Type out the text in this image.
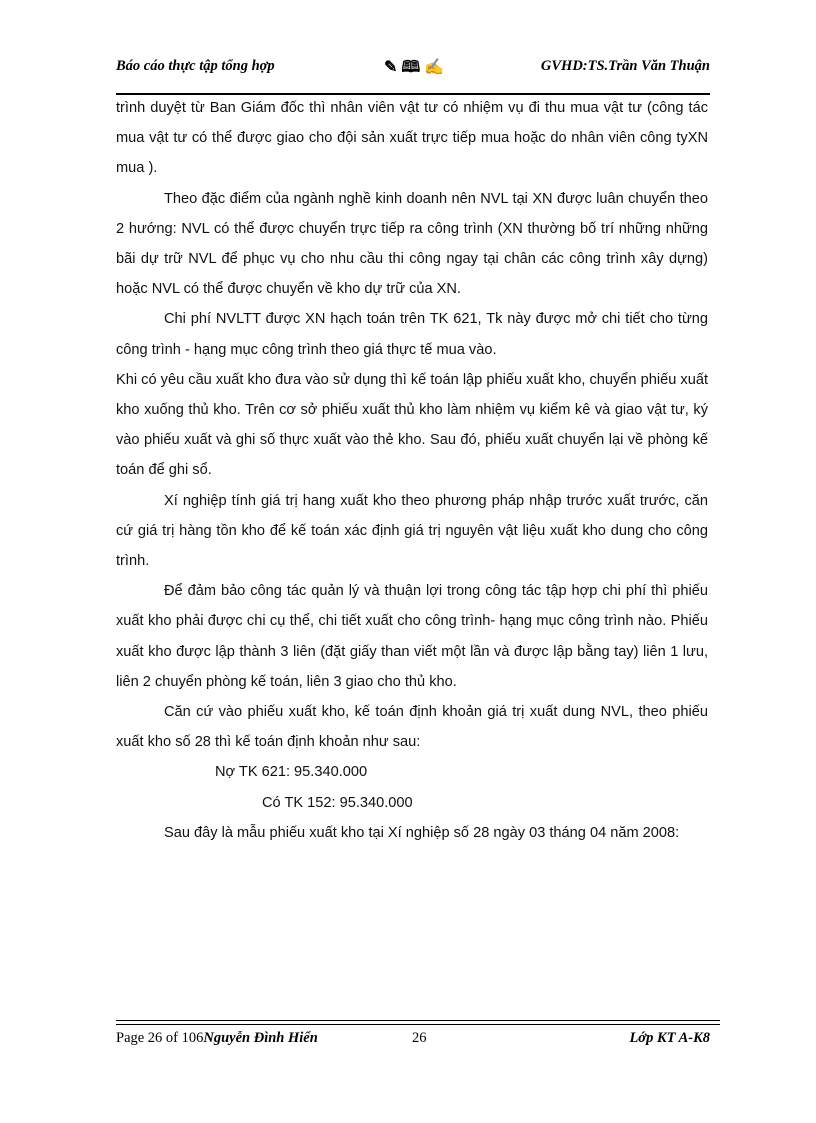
Báo cáo thực tập tổng hợp	✎ 🕮 ✍	GVHD:TS.Trần Văn Thuận

trình duyệt từ Ban Giám đốc thì nhân viên vật tư có nhiệm vụ đi thu mua vật tư (công tác mua vật tư có thể được giao cho đội sản xuất trực tiếp mua hoặc do nhân viên công tyXN mua ).

Theo đặc điểm của ngành nghề kinh doanh nên NVL tại XN được luân chuyển theo 2 hướng: NVL có thể được chuyển trực tiếp ra công trình (XN thường bố trí những những bãi dự trữ NVL để phục vụ cho nhu cầu thi công ngay tại chân các công trình xây dựng) hoặc NVL có thể được chuyển về kho dự trữ của XN.

Chi phí NVLTT được XN hạch toán trên TK 621, Tk này được mở chi tiết cho từng công trình - hạng mục công trình theo giá thực tế mua vào.

Khi có yêu cầu xuất kho đưa vào sử dụng thì kế toán lập phiếu xuất kho, chuyển phiếu xuất kho xuống thủ kho. Trên cơ sở phiếu xuất thủ kho làm nhiệm vụ kiểm kê và giao vật tư, ký vào phiếu xuất và ghi số thực xuất vào thẻ kho. Sau đó, phiếu xuất chuyển lại về phòng kế toán để ghi sổ.

Xí nghiệp tính giá trị hang xuất kho theo phương pháp nhập trước xuất trước, căn cứ giá trị hàng tồn kho để kế toán xác định giá trị nguyên vật liệu xuất kho dung cho công trình.

Để đảm bảo công tác quản lý và thuận lợi trong công tác tập hợp chi phí thì phiếu xuất kho phải được chi cụ thể, chi tiết xuất cho công trình- hạng mục công trình nào. Phiếu xuất kho được lập thành 3 liên (đặt giấy than viết một lần và được lập bằng tay) liên 1 lưu, liên 2 chuyển phòng kế toán, liên 3 giao cho thủ kho.

Căn cứ vào phiếu xuất kho, kế toán định khoản giá trị xuất dung NVL, theo phiếu xuất kho số 28 thì kế toán định khoản như sau:

Nợ TK 621: 95.340.000

Có TK 152: 95.340.000

Sau đây là mẫu phiếu xuất kho tại Xí nghiệp số 28 ngày 03 tháng 04 năm 2008:

Page 26 of 106Nguyễn Đình Hiển	26	Lớp KT A-K8
